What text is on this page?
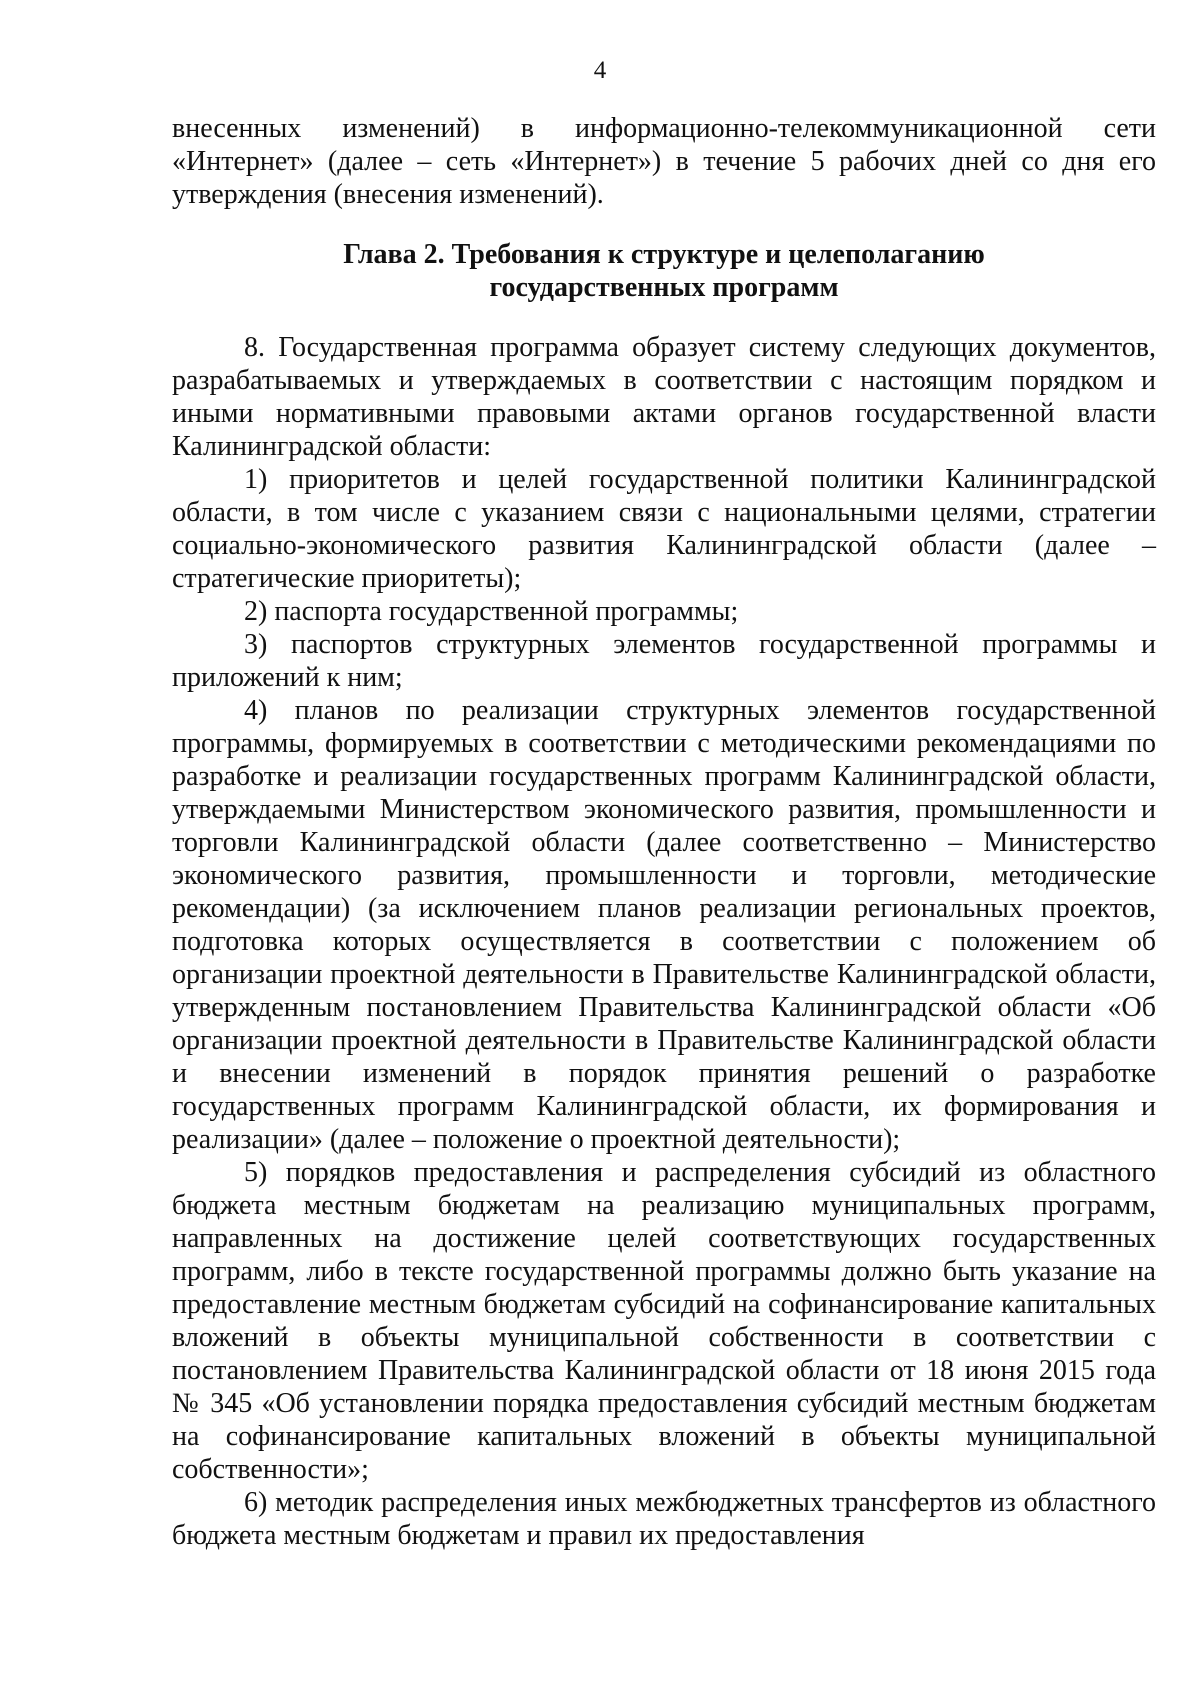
4

внесенных изменений) в информационно-телекоммуникационной сети «Интернет» (далее – сеть «Интернет») в течение 5 рабочих дней со дня его утверждения (внесения изменений).

Глава 2. Требования к структуре и целеполаганию
государственных программ

8. Государственная программа образует систему следующих документов, разрабатываемых и утверждаемых в соответствии с настоящим порядком и иными нормативными правовыми актами органов государственной власти Калининградской области:

1) приоритетов и целей государственной политики Калининградской области, в том числе с указанием связи с национальными целями, стратегии социально-экономического развития Калининградской области (далее – стратегические приоритеты);

2) паспорта государственной программы;

3) паспортов структурных элементов государственной программы и приложений к ним;

4) планов по реализации структурных элементов государственной программы, формируемых в соответствии с методическими рекомендациями по разработке и реализации государственных программ Калининградской области, утверждаемыми Министерством экономического развития, промышленности и торговли Калининградской области (далее соответственно – Министерство экономического развития, промышленности и торговли, методические рекомендации) (за исключением планов реализации региональных проектов, подготовка которых осуществляется в соответствии с положением об организации проектной деятельности в Правительстве Калининградской области, утвержденным постановлением Правительства Калининградской области «Об организации проектной деятельности в Правительстве Калининградской области и внесении изменений в порядок принятия решений о разработке государственных программ Калининградской области, их формирования и реализации» (далее – положение о проектной деятельности);

5) порядков предоставления и распределения субсидий из областного бюджета местным бюджетам на реализацию муниципальных программ, направленных на достижение целей соответствующих государственных программ, либо в тексте государственной программы должно быть указание на предоставление местным бюджетам субсидий на софинансирование капитальных вложений в объекты муниципальной собственности в соответствии с постановлением Правительства Калининградской области от 18 июня 2015 года № 345 «Об установлении порядка предоставления субсидий местным бюджетам на софинансирование капитальных вложений в объекты муниципальной собственности»;

6) методик распределения иных межбюджетных трансфертов из областного бюджета местным бюджетам и правил их предоставления
